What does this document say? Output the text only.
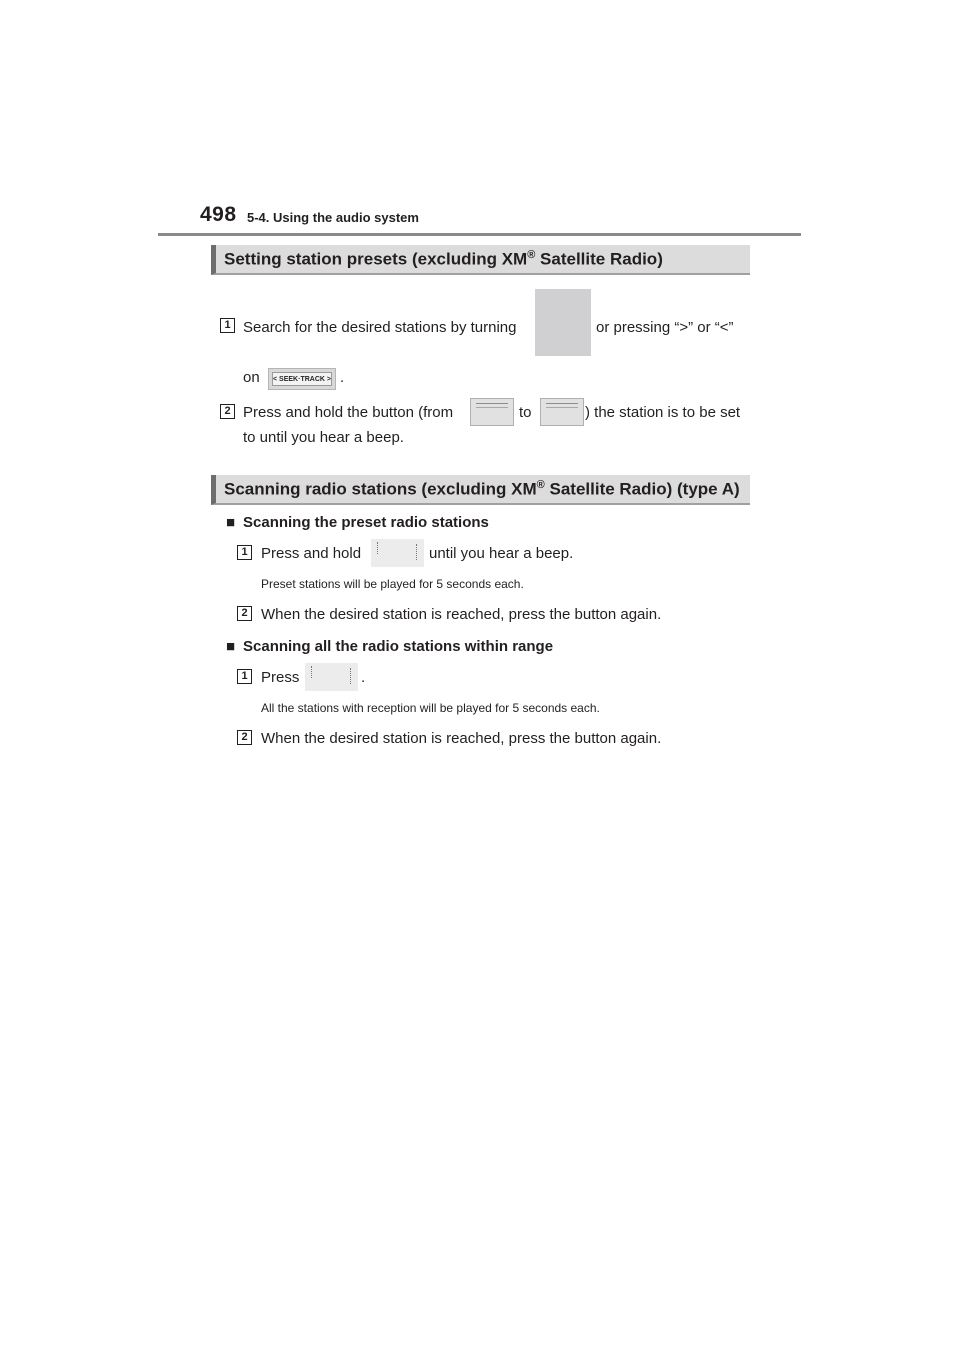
498 5-4. Using the audio system
Setting station presets (excluding XM® Satellite Radio)
1 Search for the desired stations by turning	or pressing “>” or “<”
on < SEEK·TRACK > .
2 Press and hold the button (from	to	) the station is to be set
to until you hear a beep.
Scanning radio stations (excluding XM® Satellite Radio) (type A)
■ Scanning the preset radio stations
1 Press and hold	until you hear a beep.
Preset stations will be played for 5 seconds each.
2 When the desired station is reached, press the button again.
■ Scanning all the radio stations within range
1 Press	.
All the stations with reception will be played for 5 seconds each.
2 When the desired station is reached, press the button again.
